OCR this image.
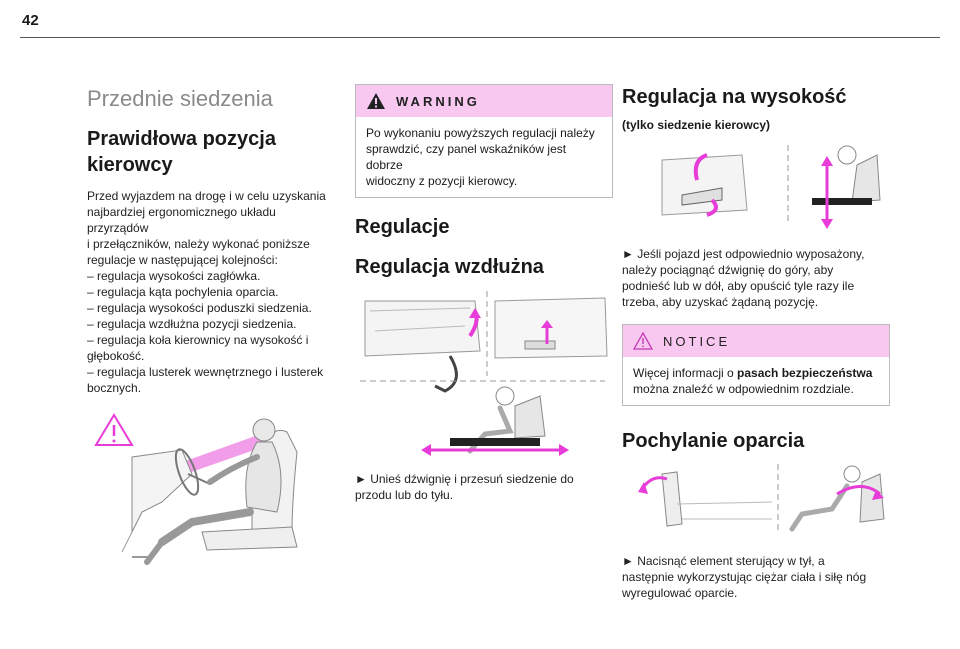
42
Przednie siedzenia
Prawidłowa pozycja
kierowcy

Przed wyjazdem na drogę i w celu uzyskania

najbardziej ergonomicznego układu przyrządów

i przełączników, należy wykonać poniższe

regulacje w następującej kolejności:

– regulacja wysokości zagłówka.

– regulacja kąta pochylenia oparcia.

– regulacja wysokości poduszki siedzenia.

– regulacja wzdłużna pozycji siedzenia.

– regulacja koła kierownicy na wysokość i

głębokość.

– regulacja lusterek wewnętrznego i lusterek

bocznych.

WARNING
Po wykonaniu powyższych regulacji należy
sprawdzić, czy panel wskaźników jest dobrze
widoczny z pozycji kierowcy.
Regulacje
Regulacja wzdłużna

► Unieś dźwignię i przesuń siedzenie do

przodu lub do tyłu.

Regulacja na wysokość
(tylko siedzenie kierowcy)

► Jeśli pojazd jest odpowiednio wyposażony,

należy pociągnąć dźwignię do góry, aby

podnieść lub w dół, aby opuścić tyle razy ile

trzeba, aby uzyskać żądaną pozycję.

NOTICE
Więcej informacji o pasach bezpieczeństwa
można znaleźć w odpowiednim rozdziale.
Pochylanie oparcia

► Nacisnąć element sterujący w tył, a

następnie wykorzystując ciężar ciała i siłę nóg

wyregulować oparcie.
